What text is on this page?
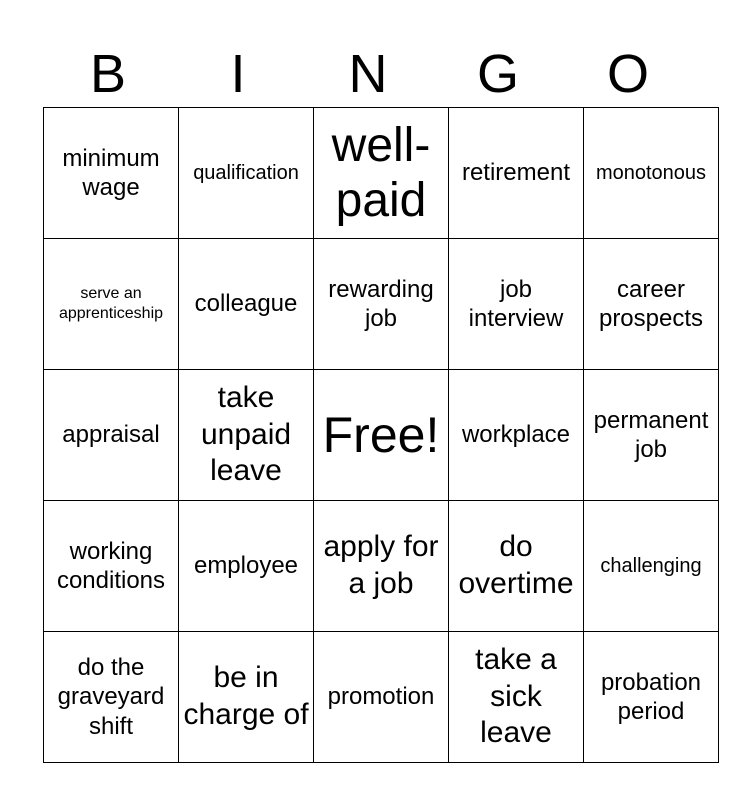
B	I	N	G	O
minimum wage	qualification	well-paid	retirement	monotonous
serve an apprenticeship	colleague	rewarding job	job interview	career prospects
appraisal	take unpaid leave	Free!	workplace	permanent job
working conditions	employee	apply for a job	do overtime	challenging
do the graveyard shift	be in charge of	promotion	take a sick leave	probation period
